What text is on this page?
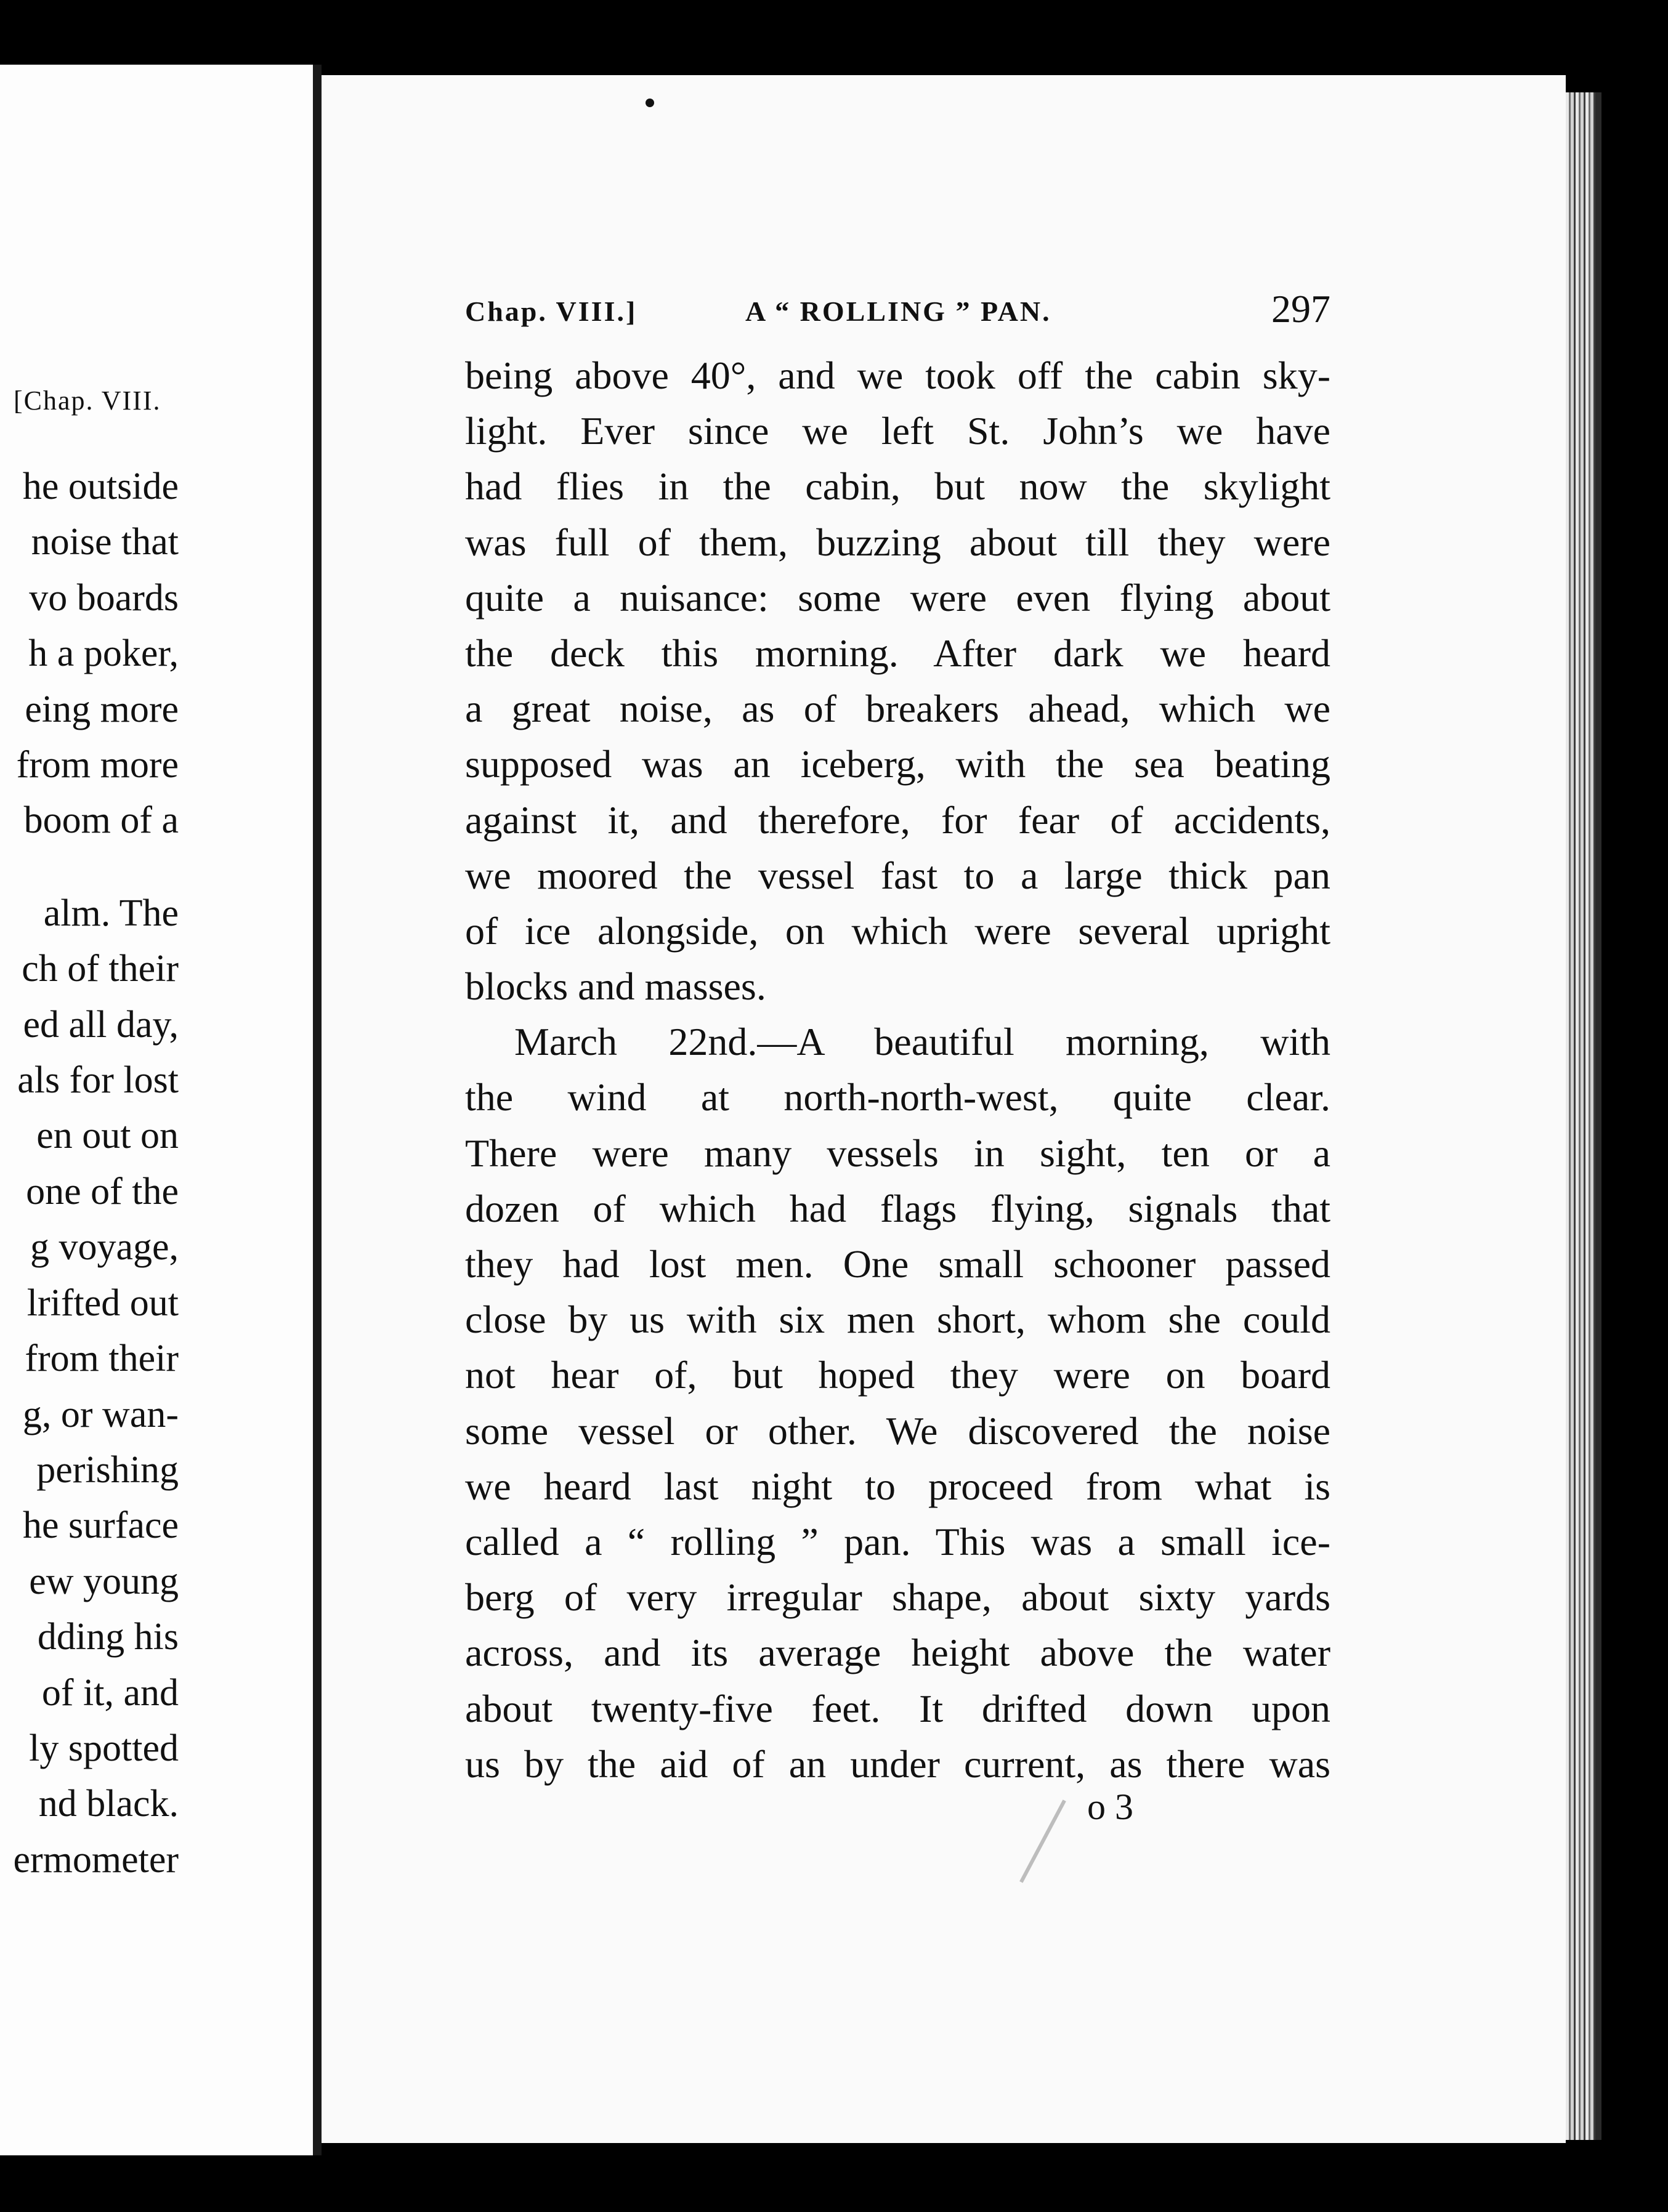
[Chap. VIII.
he outside
noise that
vo boards
h a poker,
eing more
from more
boom of a
alm. The
ch of their
ed all day,
als for lost
en out on
one of the
g voyage,
lrifted out
from their
g, or wan-
perishing
he surface
ew young
dding his
of it, and
ly spotted
nd black.
ermometer
Chap. VIII.]	A “ ROLLING ” PAN.	297
being above 40°, and we took off the cabin sky-
light. Ever since we left St. John’s we have
had flies in the cabin, but now the skylight
was full of them, buzzing about till they were
quite a nuisance: some were even flying about
the deck this morning. After dark we heard
a great noise, as of breakers ahead, which we
supposed was an iceberg, with the sea beating
against it, and therefore, for fear of accidents,
we moored the vessel fast to a large thick pan
of ice alongside, on which were several upright
blocks and masses.
March 22nd.—A beautiful morning, with
the wind at north-north-west, quite clear.
There were many vessels in sight, ten or a
dozen of which had flags flying, signals that
they had lost men. One small schooner passed
close by us with six men short, whom she could
not hear of, but hoped they were on board
some vessel or other. We discovered the noise
we heard last night to proceed from what is
called a “ rolling ” pan. This was a small ice-
berg of very irregular shape, about sixty yards
across, and its average height above the water
about twenty-five feet. It drifted down upon
us by the aid of an under current, as there was
o 3
